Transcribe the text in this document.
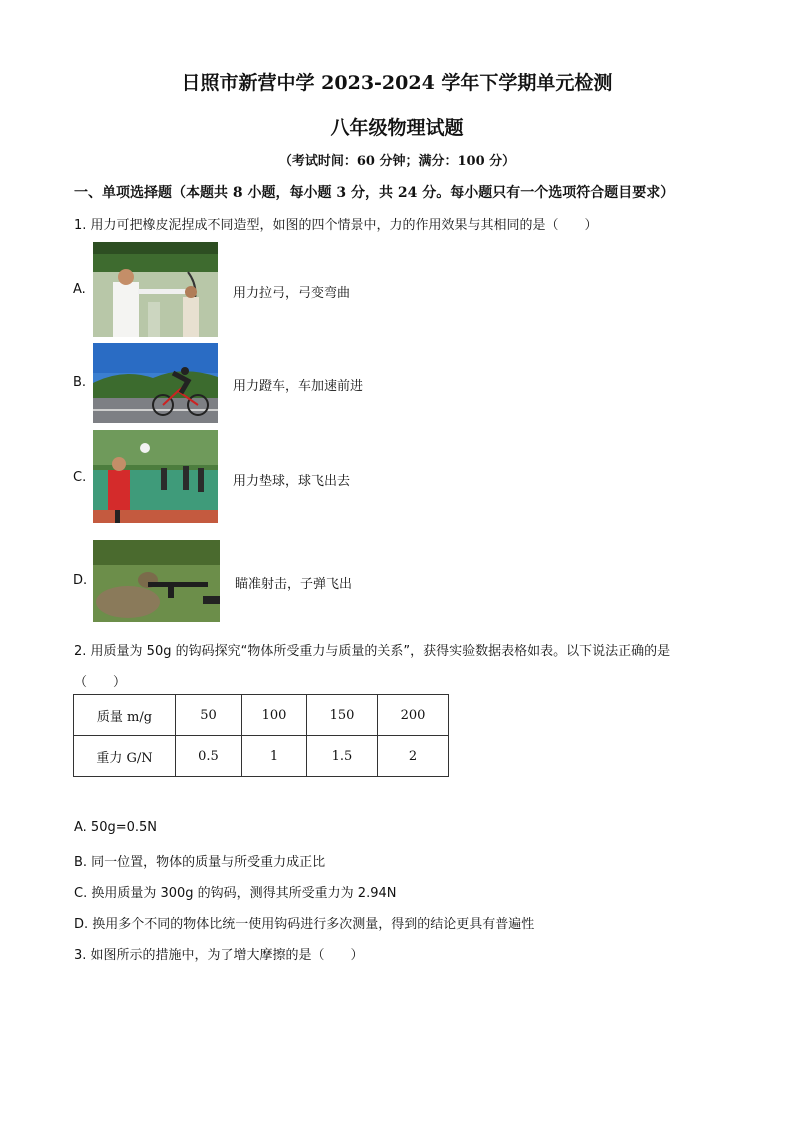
日照市新营中学 2023-2024 学年下学期单元检测
八年级物理试题
（考试时间：60 分钟；满分：100 分）
一、单项选择题（本题共 8 小题，每小题 3 分，共 24 分。每小题只有一个选项符合题目要求）
1. 用力可把橡皮泥捏成不同造型，如图的四个情景中，力的作用效果与其相同的是（　　）
A.	用力拉弓，弓变弯曲
B.	用力蹬车，车加速前进
C.	用力垫球，球飞出去
D.	瞄准射击，子弹飞出
2. 用质量为 50g 的钩码探究“物体所受重力与质量的关系”，获得实验数据表格如表。以下说法正确的是
（　　）
质量 m/g	50	100	150	200
重力 G/N	0.5	1	1.5	2
A. 50g=0.5N
B. 同一位置，物体的质量与所受重力成正比
C. 换用质量为 300g 的钩码，测得其所受重力为 2.94N
D. 换用多个不同的物体比统一使用钩码进行多次测量，得到的结论更具有普遍性
3. 如图所示的措施中，为了增大摩擦的是（　　）
